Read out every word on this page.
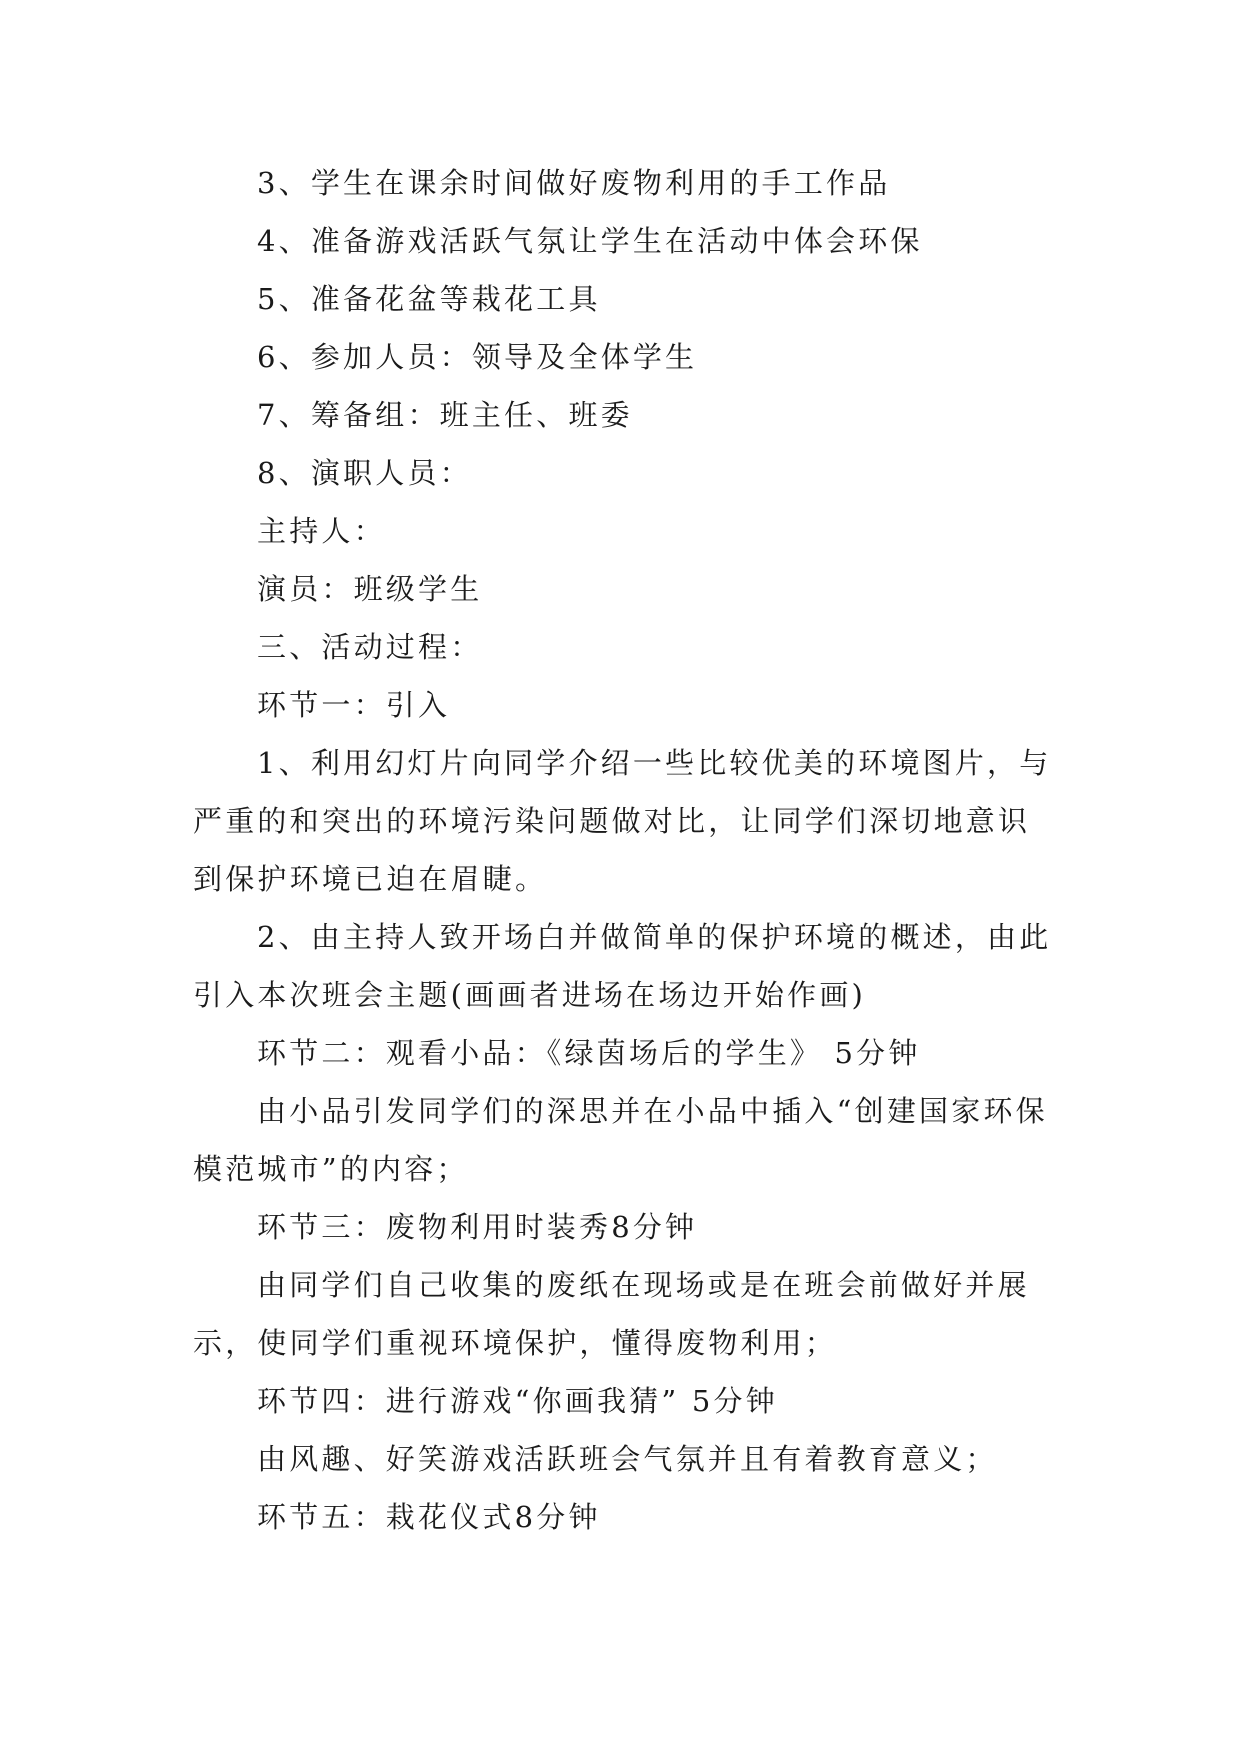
3、学生在课余时间做好废物利用的手工作品

4、准备游戏活跃气氛让学生在活动中体会环保

5、准备花盆等栽花工具

6、参加人员：领导及全体学生

7、筹备组：班主任、班委

8、演职人员：

主持人：

演员：班级学生

三、活动过程：

环节一：引入

1、利用幻灯片向同学介绍一些比较优美的环境图片，与严重的和突出的环境污染问题做对比，让同学们深切地意识到保护环境已迫在眉睫。

2、由主持人致开场白并做简单的保护环境的概述，由此引入本次班会主题(画画者进场在场边开始作画)

环节二：观看小品：《绿茵场后的学生》 5分钟

由小品引发同学们的深思并在小品中插入“创建国家环保模范城市”的内容；

环节三：废物利用时装秀8分钟

由同学们自己收集的废纸在现场或是在班会前做好并展示，使同学们重视环境保护，懂得废物利用；

环节四：进行游戏“你画我猜” 5分钟

由风趣、好笑游戏活跃班会气氛并且有着教育意义；

环节五：栽花仪式8分钟
